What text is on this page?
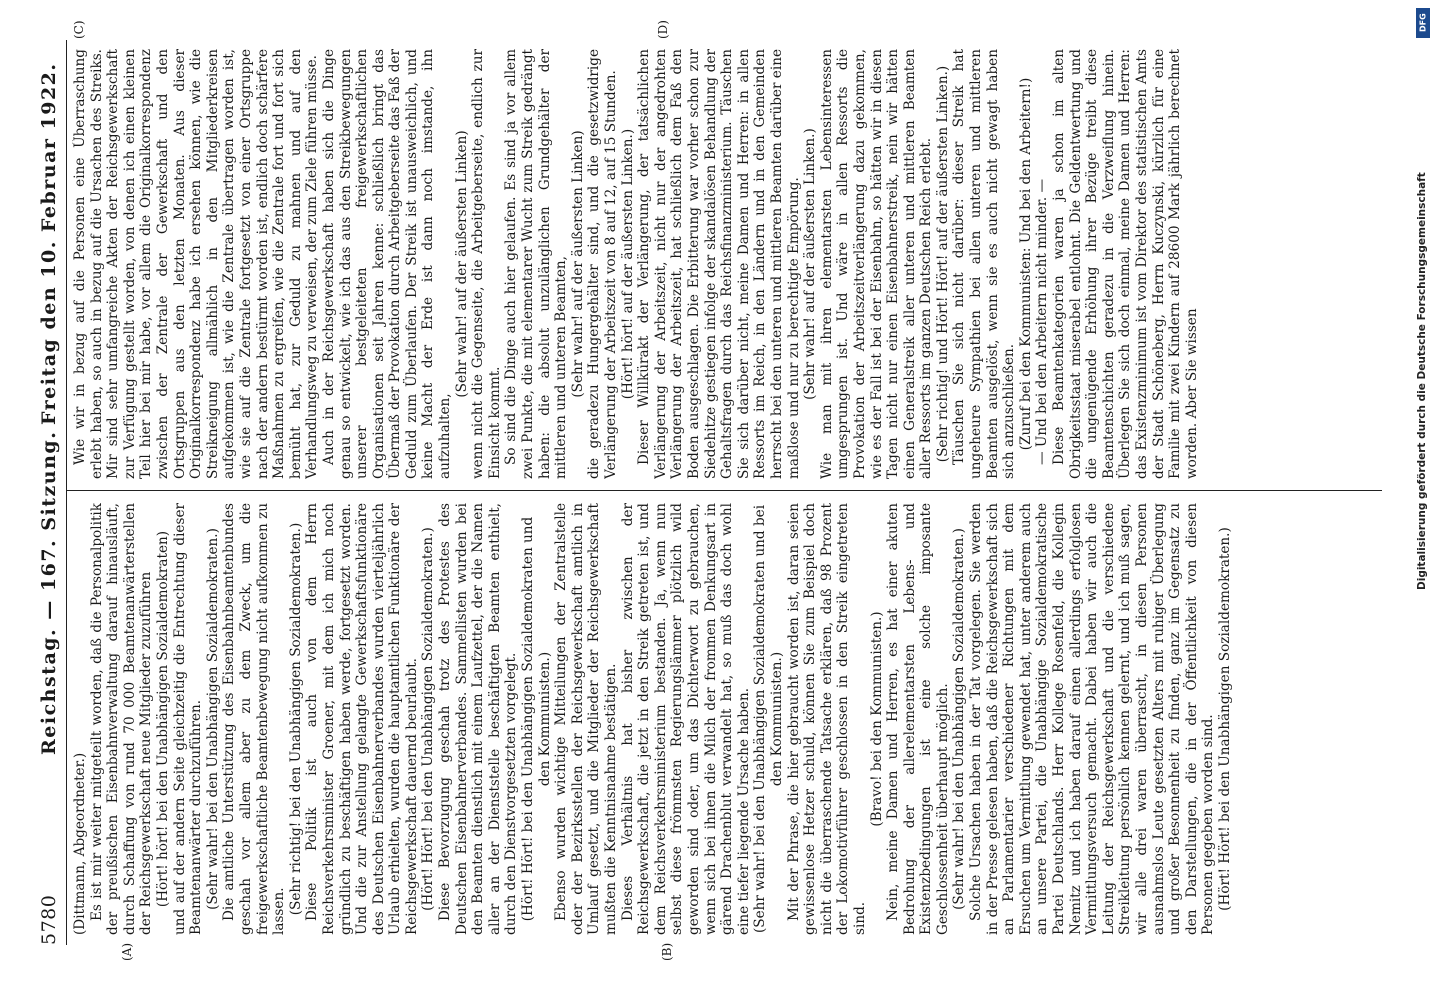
5780
Reichstag. — 167. Sitzung.
Freitag den 10. Februar 1922.
(A)	(B)
(C)	(D)

(Dittmann, Abgeordneter.) Es ist mir weiter mitgeteilt worden, daß die Personalpolitik der preußischen Eisenbahnverwaltung darauf hinausläuft, durch Schaffung von rund 70 000 Beamtenanwärterstellen der Reichsgewerkschaft neue Mitglieder zuzuführen (Hört! hört! bei den Unabhängigen Sozialdemokraten) und auf der andern Seite gleichzeitig die Entrechtung dieser Beamtenanwärter durchzuführen. (Sehr wahr! bei den Unabhängigen Sozialdemokraten.) Die amtliche Unterstützung des Eisenbahnbeamtenbundes geschah vor allem aber zu dem Zweck, um die freigewerkschaftliche Beamtenbewegung nicht aufkommen zu lassen. (Sehr richtig! bei den Unabhängigen Sozialdemokraten.) Diese Politik ist auch von dem Herrn Reichsverkehrsminister Groener, mit dem ich mich noch gründlich zu beschäftigen haben werde, fortgesetzt worden. Und die zur Anstellung gelangte Gewerkschaftsfunktionäre des Deutschen Eisenbahnerverbandes wurden vierteljährlich Urlaub erhielten, wurden die hauptamtlichen Funktionäre der Reichsgewerkschaft dauernd beurlaubt. (Hört! Hört! bei den Unabhängigen Sozialdemokraten.) Diese Bevorzugung geschah trotz des Protestes des Deutschen Eisenbahnerverbandes. Sammellisten wurden bei den Beamten dienstlich mit einem Laufzettel, der die Namen aller an der Dienststelle beschäftigten Beamten enthielt, durch den Dienstvorgesetzten vorgelegt. (Hört! Hört! bei den Unabhängigen Sozialdemokraten und den Kommunisten.) Ebenso wurden wichtige Mitteilungen der Zentralstelle oder der Bezirksstellen der Reichsgewerkschaft amtlich in Umlauf gesetzt, und die Mitglieder der Reichsgewerkschaft mußten die Kenntnisnahme bestätigen. Dieses Verhältnis hat bisher zwischen der Reichsgewerkschaft, die jetzt in den Streik getreten ist, und dem Reichsverkehrsministerium bestanden. Ja, wenn nun selbst diese frömmsten Regierungslämmer plötzlich wild geworden sind oder, um das Dichterwort zu gebrauchen, wenn sich bei ihnen die Milch der frommen Denkungsart in gärend Drachenblut verwandelt hat, so muß das doch wohl eine tiefer liegende Ursache haben. (Sehr wahr! bei den Unabhängigen Sozialdemokraten und bei den Kommunisten.) Mit der Phrase, die hier gebraucht worden ist, daran seien gewissenlose Hetzer schuld, können Sie zum Beispiel doch nicht die überraschende Tatsache erklären, daß 98 Prozent der Lokomotivführer geschlossen in den Streik eingetreten sind.

(Bravo! bei den Kommunisten.) Nein, meine Damen und Herren, es hat einer akuten Bedrohung der allerelementarsten Lebens- und Existenzbedingungen ist eine solche imposante Geschlossenheit überhaupt möglich. (Sehr wahr! bei den Unabhängigen Sozialdemokraten.) Solche Ursachen haben in der Tat vorgelegen. Sie werden in der Presse gelesen haben, daß die Reichsgewerkschaft sich an Parlamentarier verschiedener Richtungen mit dem Ersuchen um Vermittlung gewendet hat, unter anderem auch an unsere Partei, die Unabhängige Sozialdemokratische Partei Deutschlands. Herr Kollege Rosenfeld, die Kollegin Nemitz und ich haben darauf einen allerdings erfolglosen Vermittlungsversuch gemacht. Dabei haben wir auch die Leitung der Reichsgewerkschaft und die verschiedene Streikleitung persönlich kennen gelernt, und ich muß sagen, wir alle drei waren überrascht, in diesen Personen ausnahmslos Leute gesetzten Alters mit ruhiger Überlegung und großer Besonnenheit zu finden, ganz im Gegensatz zu den Darstellungen, die in der Öffentlichkeit von diesen Personen gegeben worden sind. (Hört! Hört! bei den Unabhängigen Sozialdemokraten.)

Wie wir in bezug auf die Personen eine Überraschung erlebt haben, so auch in bezug auf die Ursachen des Streiks. Mir sind sehr umfangreiche Akten der Reichsgewerkschaft zur Verfügung gestellt worden, von denen ich einen kleinen Teil hier bei mir habe, vor allem die Originalkorrespondenz zwischen der Zentrale der Gewerkschaft und den Ortsgruppen aus den letzten Monaten. Aus dieser Originalkorrespondenz habe ich ersehen können, wie die Streikneigung allmählich in den Mitgliederkreisen aufgekommen ist, wie die Zentrale übertragen worden ist, wie sie auf die Zentrale fortgesetzt von einer Ortsgruppe nach der andern bestürmt worden ist, endlich doch schärfere Maßnahmen zu ergreifen, wie die Zentrale fort und fort sich bemüht hat, zur Geduld zu mahnen und auf den Verhandlungsweg zu verweisen, der zum Ziele führen müsse. Auch in der Reichsgewerkschaft haben sich die Dinge genau so entwickelt, wie ich das aus den Streikbewegungen unserer bestgeleiteten freigewerkschaftlichen Organisationen seit Jahren kenne: schließlich bringt das Übermaß der Provokation durch Arbeitgeberseite das Faß der Geduld zum Überlaufen. Der Streik ist unausweichlich, und keine Macht der Erde ist dann noch imstande, ihn aufzuhalten,

(Sehr wahr! auf der äußersten Linken) wenn nicht die Gegenseite, die Arbeitgeberseite, endlich zur Einsicht kommt. So sind die Dinge auch hier gelaufen. Es sind ja vor allem zwei Punkte, die mit elementarer Wucht zum Streik gedrängt haben: die absolut unzulänglichen Grundgehälter der mittleren und unteren Beamten, (Sehr wahr! auf der äußersten Linken) die geradezu Hungergehälter sind, und die gesetzwidrige Verlängerung der Arbeitszeit von 8 auf 12, auf 15 Stunden. (Hört! hört! auf der äußersten Linken.) Dieser Willkürakt der Verlängerung, der tatsächlichen Verlängerung der Arbeitszeit, nicht nur der angedrohten Verlängerung der Arbeitszeit, hat schließlich dem Faß den Boden ausgeschlagen. Die Erbitterung war vorher schon zur Siedehitze gestiegen infolge der skandalösen Behandlung der Gehaltsfragen durch das Reichsfinanzministerium. Täuschen Sie sich darüber nicht, meine Damen und Herren: in allen Ressorts im Reich, in den Ländern und in den Gemeinden herrscht bei den unteren und mittleren Beamten darüber eine maßlose und nur zu berechtigte Empörung. (Sehr wahr! auf der äußersten Linken.) Wie man mit ihren elementarsten Lebensinteressen umgesprungen ist. Und wäre in allen Ressorts die Provokation der Arbeitszeitverlängerung dazu gekommen, wie es der Fall ist bei der Eisenbahn, so hätten wir in diesen Tagen nicht nur einen Eisenbahnerstreik, nein wir hätten einen Generalstreik aller unteren und mittleren Beamten aller Ressorts im ganzen Deutschen Reich erlebt. (Sehr richtig! und Hört! Hört! auf der äußersten Linken.) Täuschen Sie sich nicht darüber: dieser Streik hat ungeheure Sympathien bei allen unteren und mittleren Beamten ausgelöst, wenn sie es auch nicht gewagt haben sich anzuschließen. (Zuruf bei den Kommunisten: Und bei den Arbeitern!) — Und bei den Arbeitern nicht minder. — Diese Beamtenkategorien waren ja schon im alten Obrigkeitsstaat miserabel entlohnt. Die Geldentwertung und die ungenügende Erhöhung ihrer Bezüge treibt diese Beamtenschichten geradezu in die Verzweiflung hinein. Überlegen Sie sich doch einmal, meine Damen und Herren: das Existenzminimum ist vom Direktor des statistischen Amts der Stadt Schöneberg, Herrn Kuczynski, kürzlich für eine Familie mit zwei Kindern auf 28600 Mark jährlich berechnet worden. Aber Sie wissen	Digitalisierung gefördert durch die Deutsche Forschungsgemeinschaft
DFG
